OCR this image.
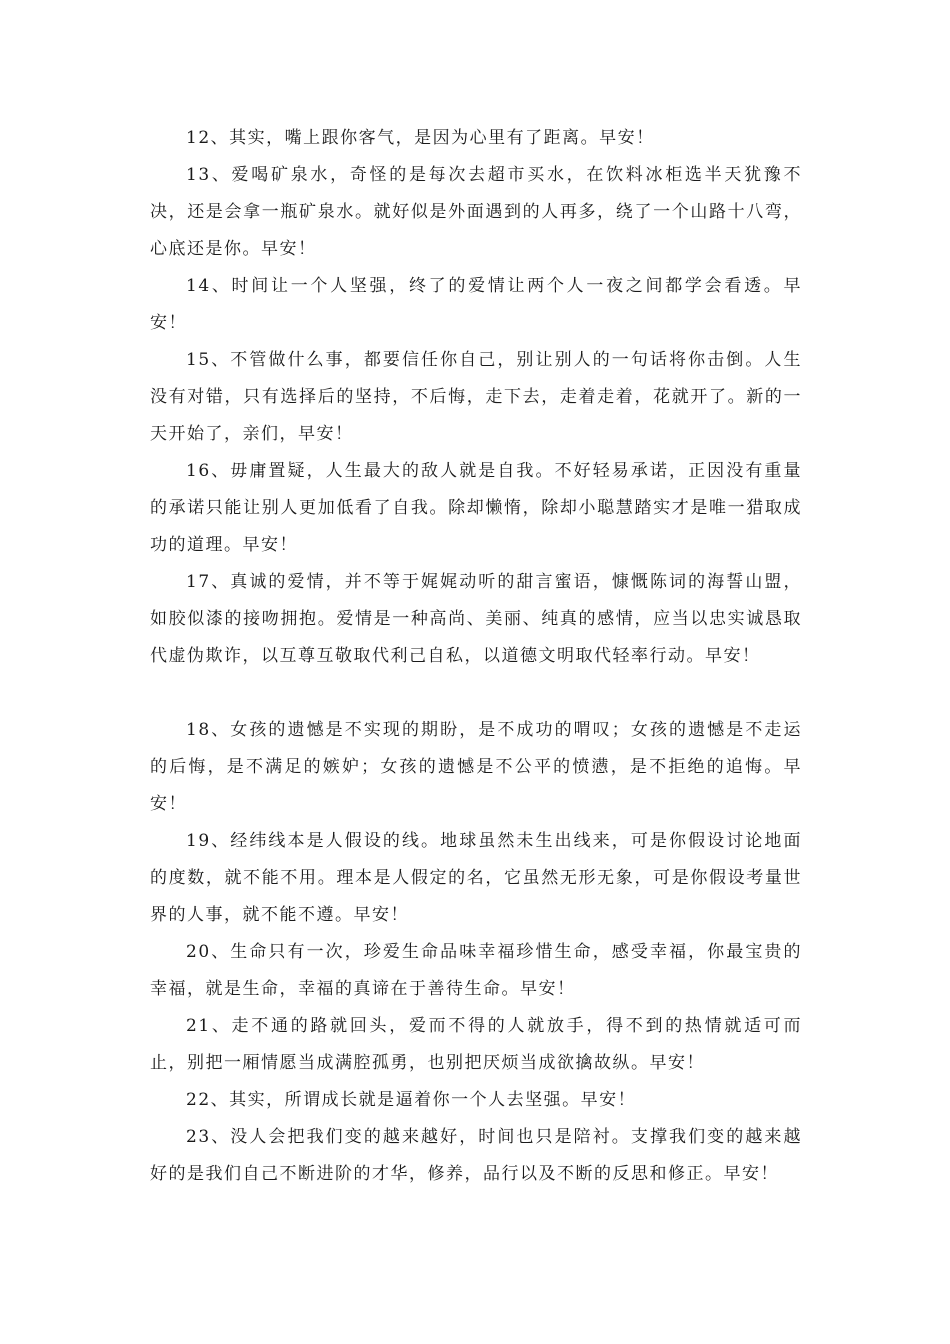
12、其实，嘴上跟你客气，是因为心里有了距离。早安！

13、爱喝矿泉水，奇怪的是每次去超市买水，在饮料冰柜选半天犹豫不决，还是会拿一瓶矿泉水。就好似是外面遇到的人再多，绕了一个山路十八弯，心底还是你。早安！

14、时间让一个人坚强，终了的爱情让两个人一夜之间都学会看透。早安！

15、不管做什么事，都要信任你自己，别让别人的一句话将你击倒。人生没有对错，只有选择后的坚持，不后悔，走下去，走着走着，花就开了。新的一天开始了，亲们，早安！

16、毋庸置疑，人生最大的敌人就是自我。不好轻易承诺，正因没有重量的承诺只能让别人更加低看了自我。除却懒惰，除却小聪慧踏实才是唯一猎取成功的道理。早安！

17、真诚的爱情，并不等于娓娓动听的甜言蜜语，慷慨陈词的海誓山盟，如胶似漆的接吻拥抱。爱情是一种高尚、美丽、纯真的感情，应当以忠实诚恳取代虚伪欺诈，以互尊互敬取代利己自私，以道德文明取代轻率行动。早安！

18、女孩的遗憾是不实现的期盼，是不成功的喟叹；女孩的遗憾是不走运的后悔，是不满足的嫉妒；女孩的遗憾是不公平的愤懑，是不拒绝的追悔。早安！

19、经纬线本是人假设的线。地球虽然未生出线来，可是你假设讨论地面的度数，就不能不用。理本是人假定的名，它虽然无形无象，可是你假设考量世界的人事，就不能不遵。早安！

20、生命只有一次，珍爱生命品味幸福珍惜生命，感受幸福，你最宝贵的幸福，就是生命，幸福的真谛在于善待生命。早安！

21、走不通的路就回头，爱而不得的人就放手，得不到的热情就适可而止，别把一厢情愿当成满腔孤勇，也别把厌烦当成欲擒故纵。早安！

22、其实，所谓成长就是逼着你一个人去坚强。早安！

23、没人会把我们变的越来越好，时间也只是陪衬。支撑我们变的越来越好的是我们自己不断进阶的才华，修养，品行以及不断的反思和修正。早安！
